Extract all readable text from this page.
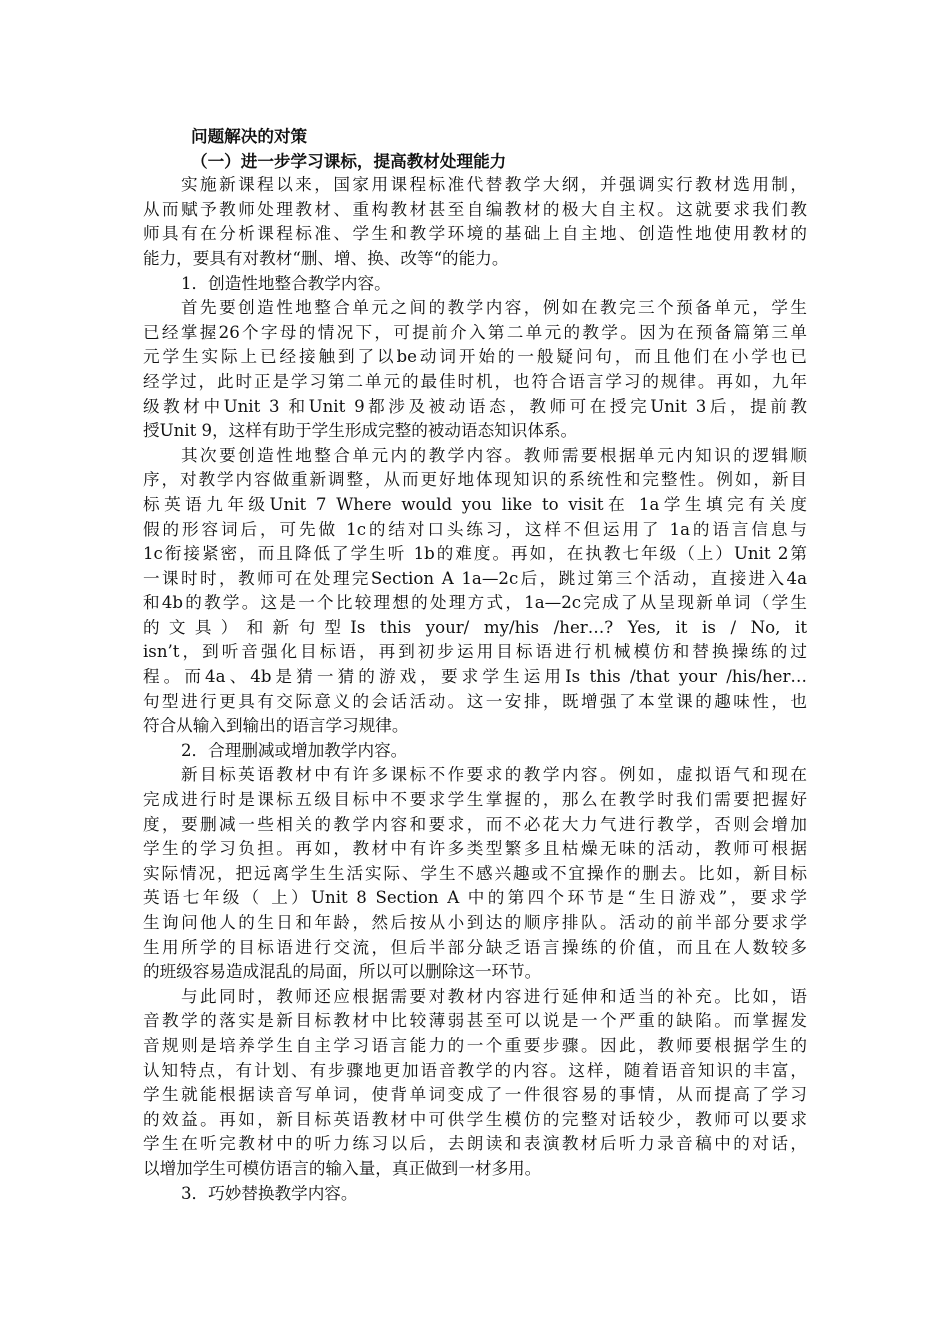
问题解决的对策
（一）进一步学习课标，提高教材处理能力
实施新课程以来，国家用课程标准代替教学大纲，并强调实行教材选用制，
从而赋予教师处理教材、重构教材甚至自编教材的极大自主权。这就要求我们教
师具有在分析课程标准、学生和教学环境的基础上自主地、创造性地使用教材的
能力，要具有对教材“删、增、换、改等“的能力。
1．创造性地整合教学内容。
首先要创造性地整合单元之间的教学内容，例如在教完三个预备单元，学生
已经掌握26个字母的情况下，可提前介入第二单元的教学。因为在预备篇第三单
元学生实际上已经接触到了以be动词开始的一般疑问句，而且他们在小学也已
经学过，此时正是学习第二单元的最佳时机，也符合语言学习的规律。再如，九年
级教材中Unit 3 和Unit 9都涉及被动语态，教师可在授完Unit 3后，提前教
授Unit 9，这样有助于学生形成完整的被动语态知识体系。
其次要创造性地整合单元内的教学内容。教师需要根据单元内知识的逻辑顺
序，对教学内容做重新调整，从而更好地体现知识的系统性和完整性。例如，新目
标英语九年级Unit 7 Where would you like to visit在 1a学生填完有关度
假的形容词后，可先做 1c的结对口头练习，这样不但运用了 1a的语言信息与
1c衔接紧密，而且降低了学生听 1b的难度。再如，在执教七年级（上）Unit 2第
一课时时，教师可在处理完Section A 1a—2c后，跳过第三个活动，直接进入4a
和4b的教学。这是一个比较理想的处理方式，1a—2c完成了从呈现新单词（学生
的文具）和新句型Is this your/ my/his /her…? Yes, it is / No, it
isn’t，到听音强化目标语，再到初步运用目标语进行机械模仿和替换操练的过
程。而4a、4b是猜一猜的游戏，要求学生运用Is this /that your /his/her…
句型进行更具有交际意义的会话活动。这一安排，既增强了本堂课的趣味性，也
符合从输入到输出的语言学习规律。
2．合理删减或增加教学内容。
新目标英语教材中有许多课标不作要求的教学内容。例如，虚拟语气和现在
完成进行时是课标五级目标中不要求学生掌握的，那么在教学时我们需要把握好
度，要删减一些相关的教学内容和要求，而不必花大力气进行教学，否则会增加
学生的学习负担。再如，教材中有许多类型繁多且枯燥无味的活动，教师可根据
实际情况，把远离学生生活实际、学生不感兴趣或不宜操作的删去。比如，新目标
英语七年级（ 上）Unit 8 Section A 中的第四个环节是“生日游戏”，要求学
生询问他人的生日和年龄，然后按从小到达的顺序排队。活动的前半部分要求学
生用所学的目标语进行交流，但后半部分缺乏语言操练的价值，而且在人数较多
的班级容易造成混乱的局面，所以可以删除这一环节。
与此同时，教师还应根据需要对教材内容进行延伸和适当的补充。比如，语
音教学的落实是新目标教材中比较薄弱甚至可以说是一个严重的缺陷。而掌握发
音规则是培养学生自主学习语言能力的一个重要步骤。因此，教师要根据学生的
认知特点，有计划、有步骤地更加语音教学的内容。这样，随着语音知识的丰富，
学生就能根据读音写单词，使背单词变成了一件很容易的事情，从而提高了学习
的效益。再如，新目标英语教材中可供学生模仿的完整对话较少，教师可以要求
学生在听完教材中的听力练习以后，去朗读和表演教材后听力录音稿中的对话，
以增加学生可模仿语言的输入量，真正做到一材多用。
3．巧妙替换教学内容。
